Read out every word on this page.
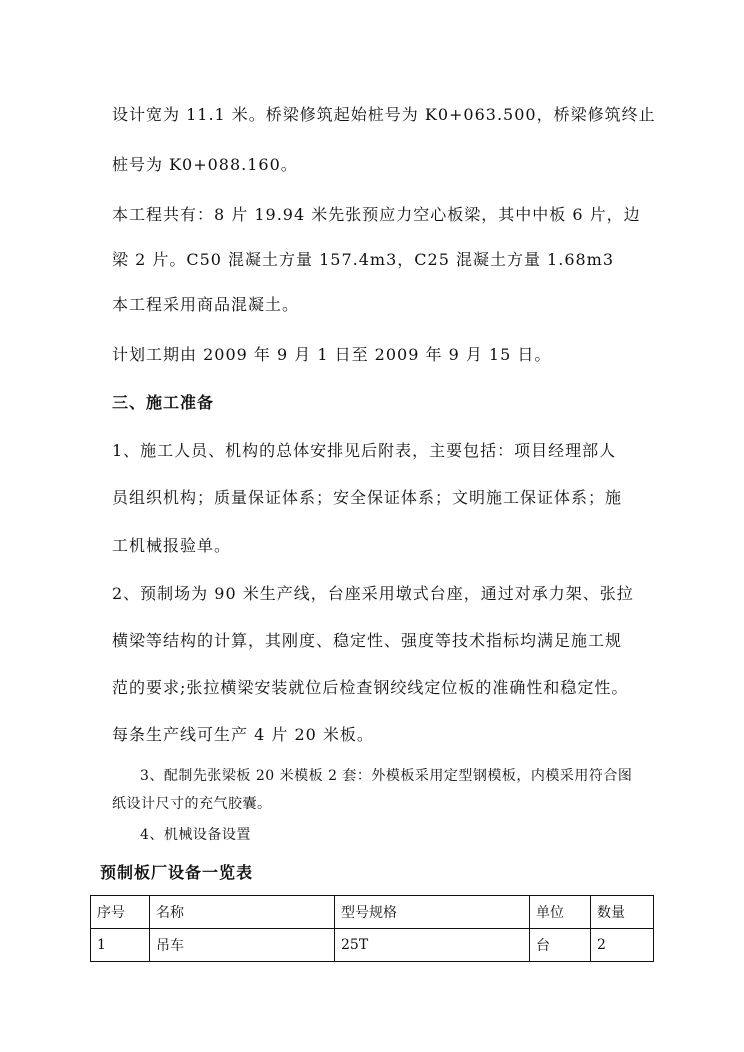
设计宽为 11.1 米。桥梁修筑起始桩号为 K0+063.500，桥梁修筑终止
桩号为 K0+088.160。
本工程共有：8 片 19.94 米先张预应力空心板梁，其中中板 6 片，边
梁 2 片。C50 混凝土方量 157.4m3，C25 混凝土方量 1.68m3
本工程采用商品混凝土。
计划工期由 2009 年 9 月 1 日至 2009 年 9 月 15 日。
三、施工准备
1、施工人员、机构的总体安排见后附表，主要包括：项目经理部人
员组织机构；质量保证体系；安全保证体系；文明施工保证体系；施
工机械报验单。
2、预制场为 90 米生产线，台座采用墩式台座，通过对承力架、张拉
横梁等结构的计算，其刚度、稳定性、强度等技术指标均满足施工规
范的要求;张拉横梁安装就位后检查钢绞线定位板的准确性和稳定性。
每条生产线可生产 4 片 20 米板。
3、配制先张梁板 20 米模板 2 套：外模板采用定型钢模板，内模采用符合图
纸设计尺寸的充气胶囊。
4、机械设备设置
预制板厂设备一览表
序号	名称	型号规格	单位	数量
1	吊车	25T	台	2
